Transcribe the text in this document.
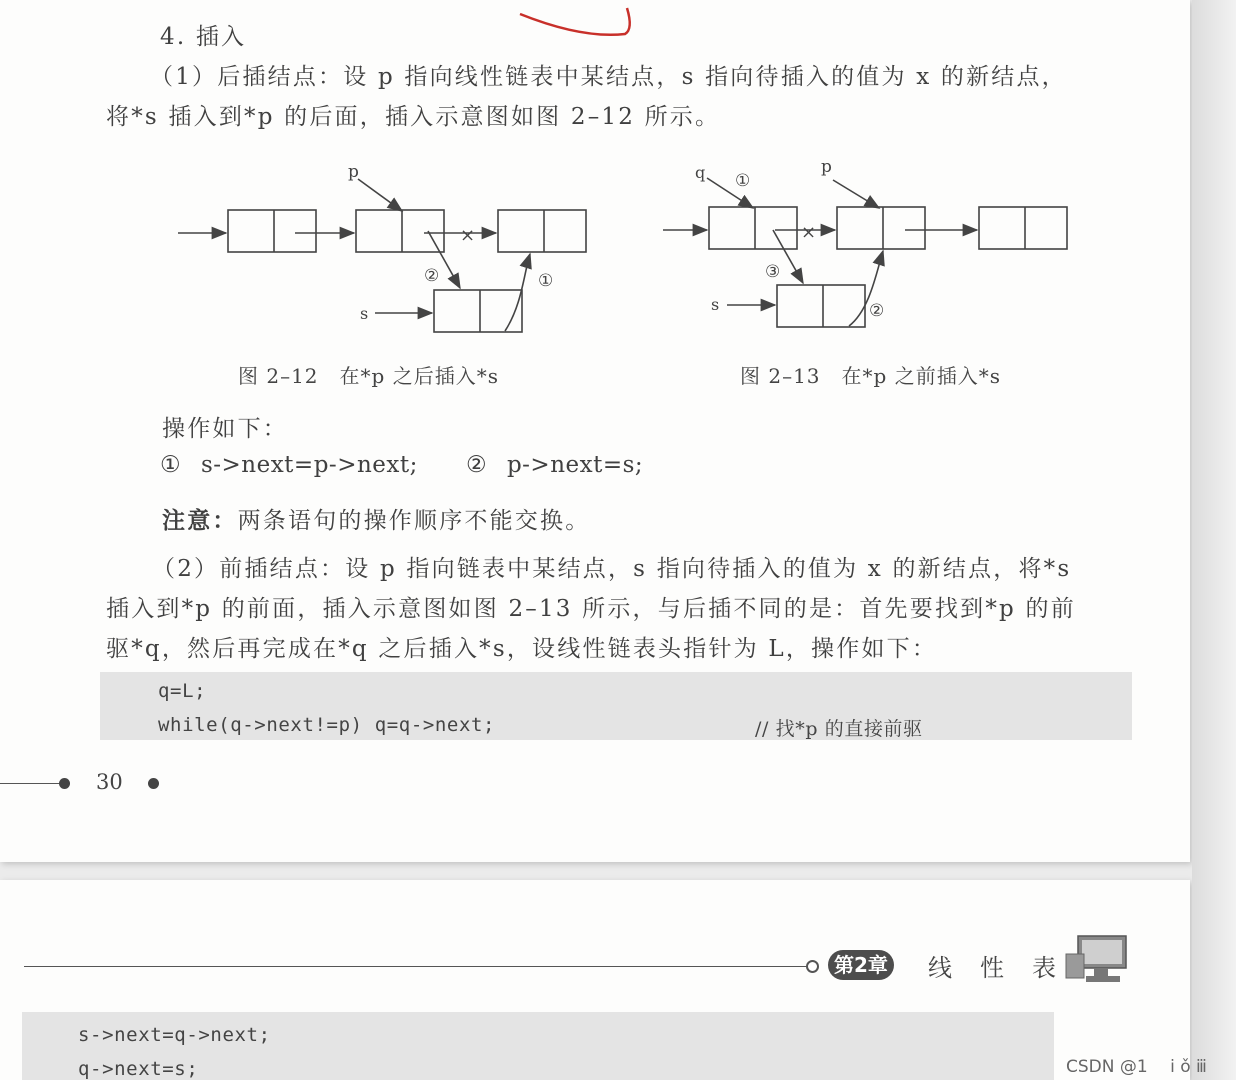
4. 插入
（1）后插结点：设 p 指向线性链表中某结点，s 指向待插入的值为 x 的新结点，
将*s 插入到*p 的后面，插入示意图如图 2–12 所示。
p
s
×
②	①
图 2–12　在*p 之后插入*s
q	p
s
×
①
③
②
图 2–13　在*p 之前插入*s
操作如下：
① s->next=p->next; ② p->next=s;
注意：两条语句的操作顺序不能交换。
（2）前插结点：设 p 指向链表中某结点，s 指向待插入的值为 x 的新结点，将*s
插入到*p 的前面，插入示意图如图 2–13 所示，与后插不同的是：首先要找到*p 的前
驱*q，然后再完成在*q 之后插入*s，设线性链表头指针为 L，操作如下：
q=L;
while(q->next!=p) q=q->next;	// 找*p 的直接前驱
30
第2章 线　性　表
s->next=q->next;
q->next=s;	CSDN @1　 ⅰ ǒ ⅲ
